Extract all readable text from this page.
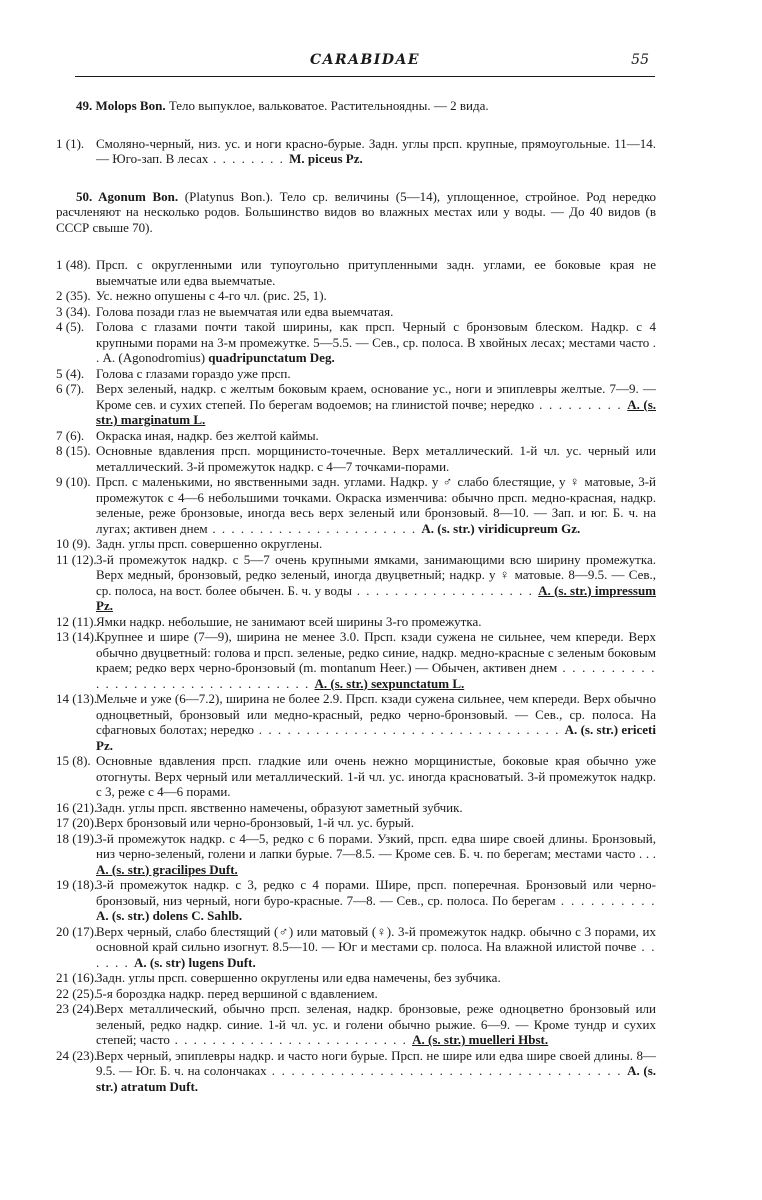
CARABIDAE	55

49. Molops Bon. Тело выпуклое, вальковатое. Растительноядны. — 2 вида.

1 (1). Смоляно-черный, низ. ус. и ноги красно-бурые. Задн. углы прсп. крупные, прямоугольные. 11—14. — Юго-зап. В лесах . . . . . . . . M. piceus Pz.

50. Agonum Bon. (Platynus Bon.). Тело ср. величины (5—14), уплощенное, стройное. Род нередко расчленяют на несколько родов. Большинство видов во влажных местах или у воды. — До 40 видов (в СССР свыше 70).

1 (48). Прсп. с округленными или тупоугольно притупленными задн. углами, ее боковые края не выемчатые или едва выемчатые.

2 (35). Ус. нежно опушены с 4-го чл. (рис. 25, 1).

3 (34). Голова позади глаз не выемчатая или едва выемчатая.

4 (5). Голова с глазами почти такой ширины, как прсп. Черный с бронзовым блеском. Надкр. с 4 крупными порами на 3-м промежутке. 5—5.5. — Сев., ср. полоса. В хвойных лесах; местами часто . . A. (Agonodromius) quadripunctatum Deg.

5 (4). Голова с глазами гораздо уже прсп.

6 (7). Верх зеленый, надкр. с желтым боковым краем, основание ус., ноги и эпиплевры желтые. 7—9. — Кроме сев. и сухих степей. По берегам водоемов; на глинистой почве; нередко . . . . . . . . . A. (s. str.) marginatum L.

7 (6). Окраска иная, надкр. без желтой каймы.

8 (15). Основные вдавления прсп. морщинисто-точечные. Верх металлический. 1-й чл. ус. черный или металлический. 3-й промежуток надкр. с 4—7 точками-порами.

9 (10). Прсп. с маленькими, но явственными задн. углами. Надкр. у ♂ слабо блестящие, у ♀ матовые, 3-й промежуток с 4—6 небольшими точками. Окраска изменчива: обычно прсп. медно-красная, надкр. зеленые, реже бронзовые, иногда весь верх зеленый или бронзовый. 8—10. — Зап. и юг. Б. ч. на лугах; активен днем . . . . . . . . . . . . . . . . . . . . . . A. (s. str.) viridicupreum Gz.

10 (9). Задн. углы прсп. совершенно округлены.

11 (12). 3-й промежуток надкр. с 5—7 очень крупными ямками, занимающими всю ширину промежутка. Верх медный, бронзовый, редко зеленый, иногда двуцветный; надкр. у ♀ матовые. 8—9.5. — Сев., ср. полоса, на вост. более обычен. Б. ч. у воды . . . . . . . . . . . . . . . . . . . A. (s. str.) impressum Pz.

12 (11). Ямки надкр. небольшие, не занимают всей ширины 3-го промежутка.

13 (14).
Крупнее и шире (7—9), ширина не менее 3.0. Прсп. кзади сужена не сильнее, чем кпереди. Верх обычно двуцветный: голова и прсп. зеленые, редко синие, надкр. медно-красные с зеленым боковым краем; редко верх черно-бронзовый (m. montanum Heer.) — Обычен, активен днем . . . . . . . . . . . . . . . . . . . . . . . . . . . . . . . . . A. (s. str.) sexpunctatum L.

14 (13).
Мельче и уже (6—7.2), ширина не более 2.9. Прсп. кзади сужена сильнее, чем кпереди. Верх обычно одноцветный, бронзовый или медно-красный, редко черно-бронзовый. — Сев., ср. полоса. На сфагновых болотах; нередко . . . . . . . . . . . . . . . . . . . . . . . . . . . . . . . . A. (s. str.) ericeti Pz.

15 (8). Основные вдавления прсп. гладкие или очень нежно морщинистые, боковые края обычно уже отогнуты. Верх черный или металлический. 1-й чл. ус. иногда красноватый. 3-й промежуток надкр. с 3, реже с 4—6 порами.

16 (21).
Задн. углы прсп. явственно намечены, образуют заметный зубчик.

17 (20).
Верх бронзовый или черно-бронзовый, 1-й чл. ус. бурый.

18 (19).
3-й промежуток надкр. с 4—5, редко с 6 порами. Узкий, прсп. едва шире своей длины. Бронзовый, низ черно-зеленый, голени и лапки бурые. 7—8.5. — Кроме сев. Б. ч. по берегам; местами часто . . . A. (s. str.) gracilipes Duft.

19 (18).
3-й промежуток надкр. с 3, редко с 4 порами. Шире, прсп. поперечная. Бронзовый или черно-бронзовый, низ черный, ноги буро-красные. 7—8. — Сев., ср. полоса. По берегам . . . . . . . . . . A. (s. str.) dolens C. Sahlb.

20 (17).
Верх черный, слабо блестящий (♂) или матовый (♀). 3-й промежуток надкр. обычно с 3 порами, их основной край сильно изогнут. 8.5—10. — Юг и местами ср. полоса. На влажной илистой почве . . . . . . A. (s. str) lugens Duft.

21 (16).
Задн. углы прсп. совершенно округлены или едва намечены, без зубчика.

22 (25).
5-я бороздка надкр. перед вершиной с вдавлением.

23 (24).
Верх металлический, обычно прсп. зеленая, надкр. бронзовые, реже одноцветно бронзовый или зеленый, редко надкр. синие. 1-й чл. ус. и голени обычно рыжие. 6—9. — Кроме тундр и сухих степей; часто . . . . . . . . . . . . . . . . . . . . . . . . . A. (s. str.) muelleri Hbst.

24 (23).
Верх черный, эпиплевры надкр. и часто ноги бурые. Прсп. не шире или едва шире своей длины. 8—9.5. — Юг. Б. ч. на солончаках . . . . . . . . . . . . . . . . . . . . . . . . . . . . . . . . . . . . A. (s. str.) atratum Duft.
